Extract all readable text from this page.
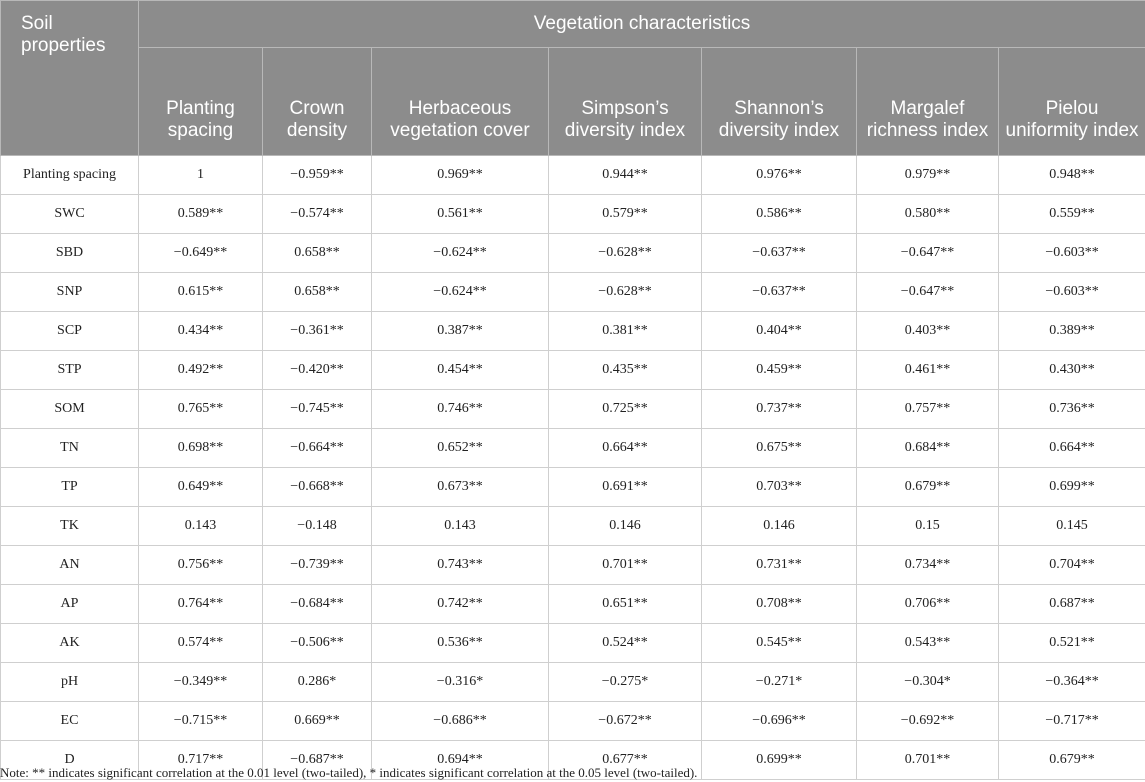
Soil properties	Vegetation characteristics						
	Planting spacing	Crown density	Herbaceous vegetation cover	Simpson’s diversity index	Shannon’s diversity index	Margalef richness index	Pielou uniformity index
Planting spacing	1	−0.959**	0.969**	0.944**	0.976**	0.979**	0.948**
SWC	0.589**	−0.574**	0.561**	0.579**	0.586**	0.580**	0.559**
SBD	−0.649**	0.658**	−0.624**	−0.628**	−0.637**	−0.647**	−0.603**
SNP	0.615**	0.658**	−0.624**	−0.628**	−0.637**	−0.647**	−0.603**
SCP	0.434**	−0.361**	0.387**	0.381**	0.404**	0.403**	0.389**
STP	0.492**	−0.420**	0.454**	0.435**	0.459**	0.461**	0.430**
SOM	0.765**	−0.745**	0.746**	0.725**	0.737**	0.757**	0.736**
TN	0.698**	−0.664**	0.652**	0.664**	0.675**	0.684**	0.664**
TP	0.649**	−0.668**	0.673**	0.691**	0.703**	0.679**	0.699**
TK	0.143	−0.148	0.143	0.146	0.146	0.15	0.145
AN	0.756**	−0.739**	0.743**	0.701**	0.731**	0.734**	0.704**
AP	0.764**	−0.684**	0.742**	0.651**	0.708**	0.706**	0.687**
AK	0.574**	−0.506**	0.536**	0.524**	0.545**	0.543**	0.521**
pH	−0.349**	0.286*	−0.316*	−0.275*	−0.271*	−0.304*	−0.364**
EC	−0.715**	0.669**	−0.686**	−0.672**	−0.696**	−0.692**	−0.717**
D	0.717**	−0.687**	0.694**	0.677**	0.699**	0.701**	0.679**
Note: ** indicates significant correlation at the 0.01 level (two-tailed), * indicates significant correlation at the 0.05 level (two-tailed).
